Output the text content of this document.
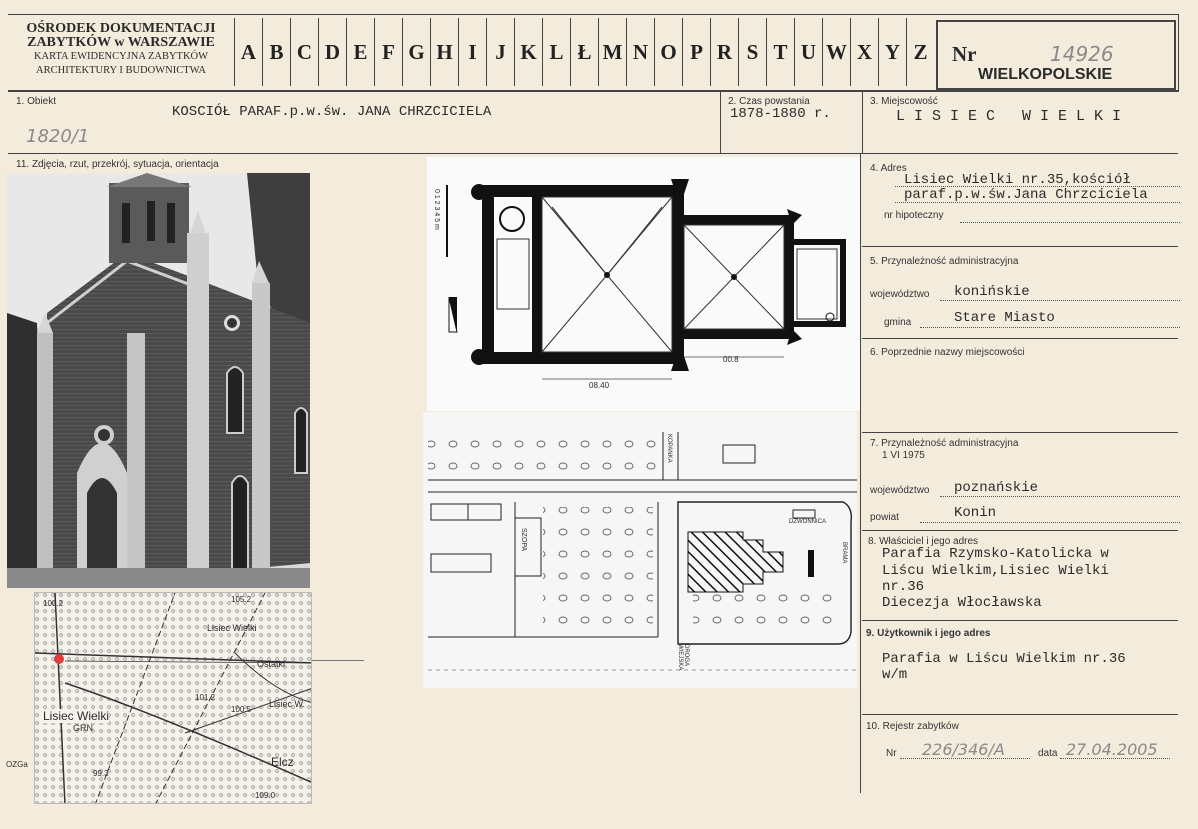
OŚRODEK DOKUMENTACJI
ZABYTKÓW w WARSZAWIE
KARTA EWIDENCYJNA ZABYTKÓW
ARCHITEKTURY I BUDOWNICTWA
A B C D E F G H I J K L Ł M N O P R S T U W X Y Z	Nr	14926
WIELKOPOLSKIE
1. Obiekt
KOSCIÓŁ PARAF.p.w.św. JANA CHRZCICIELA
2. Czas powstania
1878-1880 r.
3. Miejscowość
L I S I E C   W I E L K I
1820/1
11. Zdjęcia, rzut, przekrój, sytuacja, orientacja
Lisiec Wielki
GRN
Lisiec Wielki
Ostatki
Lisiec W.
Elcz
100.2	105.2
101.2
100.5
99.3
109.0
OZGa
08.40
00.8
0 1 2 3 4 5 m
SZOPA
KOPANKA
DZWONNICA
BRAMA
DROGA WIEJSKA
4. Adres
Lisiec Wielki nr.35,kościół
paraf.p.w.św.Jana Chrzciciela
nr hipoteczny
5. Przynależność administracyjna
województwo konińskie
gmina	Stare Miasto
6. Poprzednie nazwy miejscowości
7. Przynależność administracyjna
1 VI 1975
województwo poznańskie
powiat	Konin
8. Właściciel i jego adres
Parafia Rzymsko-Katolicka w
Liścu Wielkim,Lisiec Wielki
nr.36
Diecezja Włocławska
9. Użytkownik i jego adres
Parafia w Liścu Wielkim nr.36
w/m
10. Rejestr zabytków
Nr 226/346/A	data 27.04.2005
